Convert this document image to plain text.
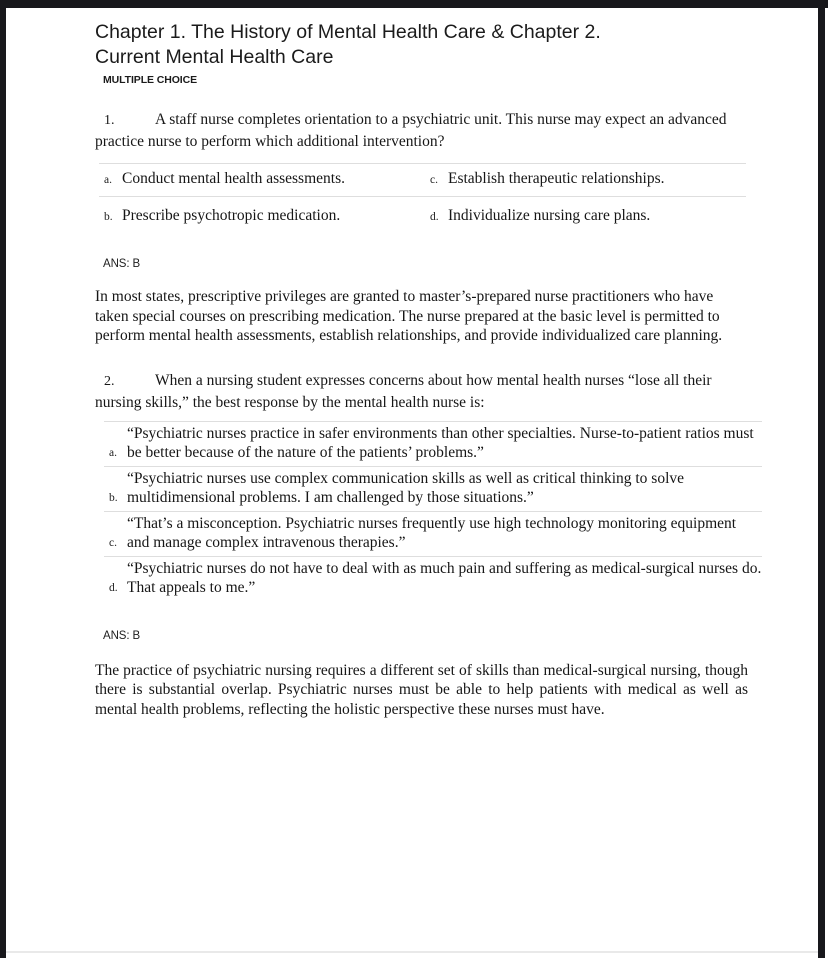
Chapter 1. The History of Mental Health Care & Chapter 2.
Current Mental Health Care
MULTIPLE CHOICE

1.	A staff nurse completes orientation to a psychiatric unit. This nurse may expect an advanced practice nurse to perform which additional intervention?

a. Conduct mental health assessments.	c. Establish therapeutic relationships.
b. Prescribe psychotropic medication.	d. Individualize nursing care plans.
ANS: B

In most states, prescriptive privileges are granted to master’s-prepared nurse practitioners who have taken special courses on prescribing medication. The nurse prepared at the basic level is permitted to perform mental health assessments, establish relationships, and provide individualized care planning.

2.	When a nursing student expresses concerns about how mental health nurses “lose all their nursing skills,” the best response by the mental health nurse is:

a.
“Psychiatric nurses practice in safer environments than other specialties. Nurse-to-patient ratios must be better because of the nature of the patients’ problems.”
b.
“Psychiatric nurses use complex communication skills as well as critical thinking to solve multidimensional problems. I am challenged by those situations.”
c.
“That’s a misconception. Psychiatric nurses frequently use high technology monitoring equipment and manage complex intravenous therapies.”
d.
“Psychiatric nurses do not have to deal with as much pain and suffering as medical-surgical nurses do. That appeals to me.”
ANS: B

The practice of psychiatric nursing requires a different set of skills than medical-surgical nursing, though there is substantial overlap. Psychiatric nurses must be able to help patients with medical as well as mental health problems, reflecting the holistic perspective these nurses must have.
